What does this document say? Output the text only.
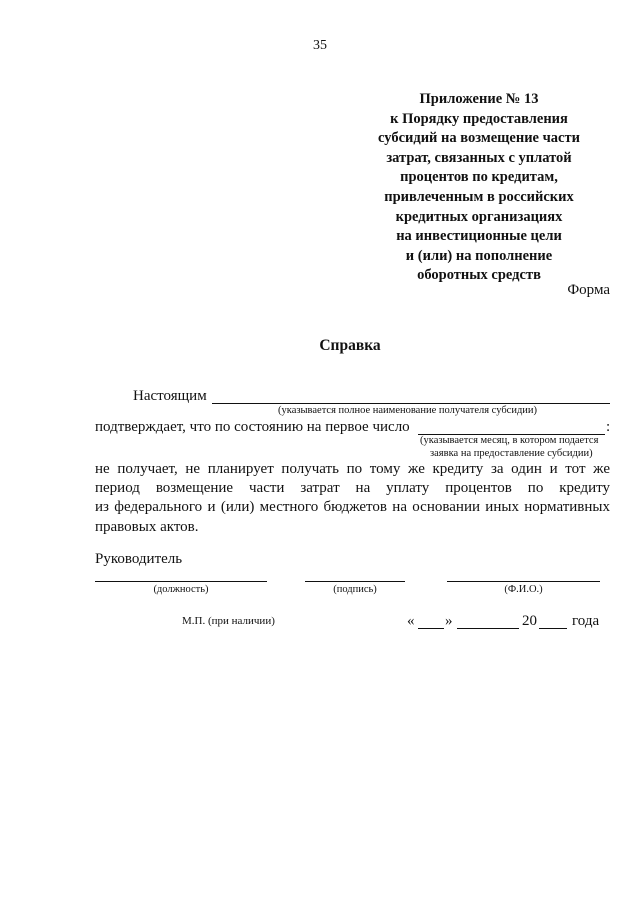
35
Приложение № 13
к Порядку предоставления
субсидий на возмещение части
затрат, связанных с уплатой
процентов по кредитам,
привлеченным в российских
кредитных организациях
на инвестиционные цели
и (или) на пополнение
оборотных средств
Форма
Справка
Настоящим
(указывается полное наименование получателя субсидии)
подтверждает, что по состоянию на первое число	:
(указывается месяц, в котором подается
заявка на предоставление субсидии)
не получает, не планирует получать по тому же кредиту за один и тот же
период возмещение части затрат на уплату процентов по кредиту
из федерального и (или) местного бюджетов на основании иных нормативных
правовых актов.
Руководитель
(должность)	(подпись)	(Ф.И.О.)
М.П. (при наличии)	« »	20 года
